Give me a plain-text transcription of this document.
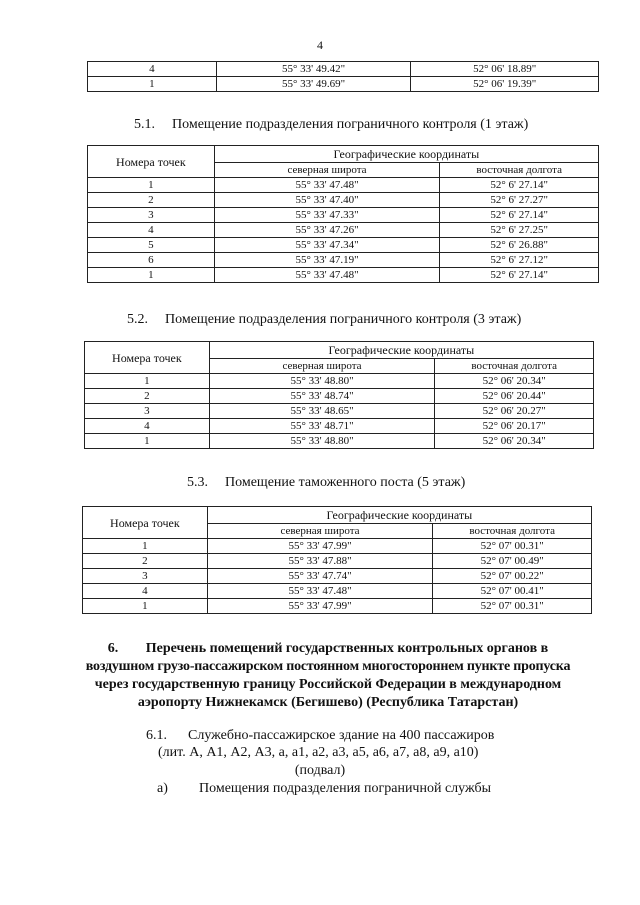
4
4	55° 33' 49.42"	52° 06' 18.89"
1	55° 33' 49.69"	52° 06' 19.39"
5.1. Помещение подразделения пограничного контроля (1 этаж)
Номера точек	Географические координаты	
	северная широта	восточная долгота
1	55° 33' 47.48"	52° 6' 27.14"
2	55° 33' 47.40"	52° 6' 27.27"
3	55° 33' 47.33"	52° 6' 27.14"
4	55° 33' 47.26"	52° 6' 27.25"
5	55° 33' 47.34"	52° 6' 26.88"
6	55° 33' 47.19"	52° 6' 27.12"
1	55° 33' 47.48"	52° 6' 27.14"
5.2. Помещение подразделения пограничного контроля (3 этаж)
Номера точек	Географические координаты	
	северная широта	восточная долгота
1	55° 33' 48.80"	52° 06' 20.34"
2	55° 33' 48.74"	52° 06' 20.44"
3	55° 33' 48.65"	52° 06' 20.27"
4	55° 33' 48.71"	52° 06' 20.17"
1	55° 33' 48.80"	52° 06' 20.34"
5.3. Помещение таможенного поста (5 этаж)
Номера точек	Географические координаты	
	северная широта	восточная долгота
1	55° 33' 47.99"	52° 07' 00.31"
2	55° 33' 47.88"	52° 07' 00.49"
3	55° 33' 47.74"	52° 07' 00.22"
4	55° 33' 47.48"	52° 07' 00.41"
1	55° 33' 47.99"	52° 07' 00.31"
6. Перечень помещений государственных контрольных органов в
воздушном грузо-пассажирском постоянном многостороннем пункте пропуска
через государственную границу Российской Федерации в международном
аэропорту Нижнекамск (Бегишево) (Республика Татарстан)
6.1. Служебно-пассажирское здание на 400 пассажиров
(лит. А, А1, А2, А3, а, а1, а2, а3, а5, а6, а7, а8, а9, а10)
(подвал)
а) Помещения подразделения пограничной службы
